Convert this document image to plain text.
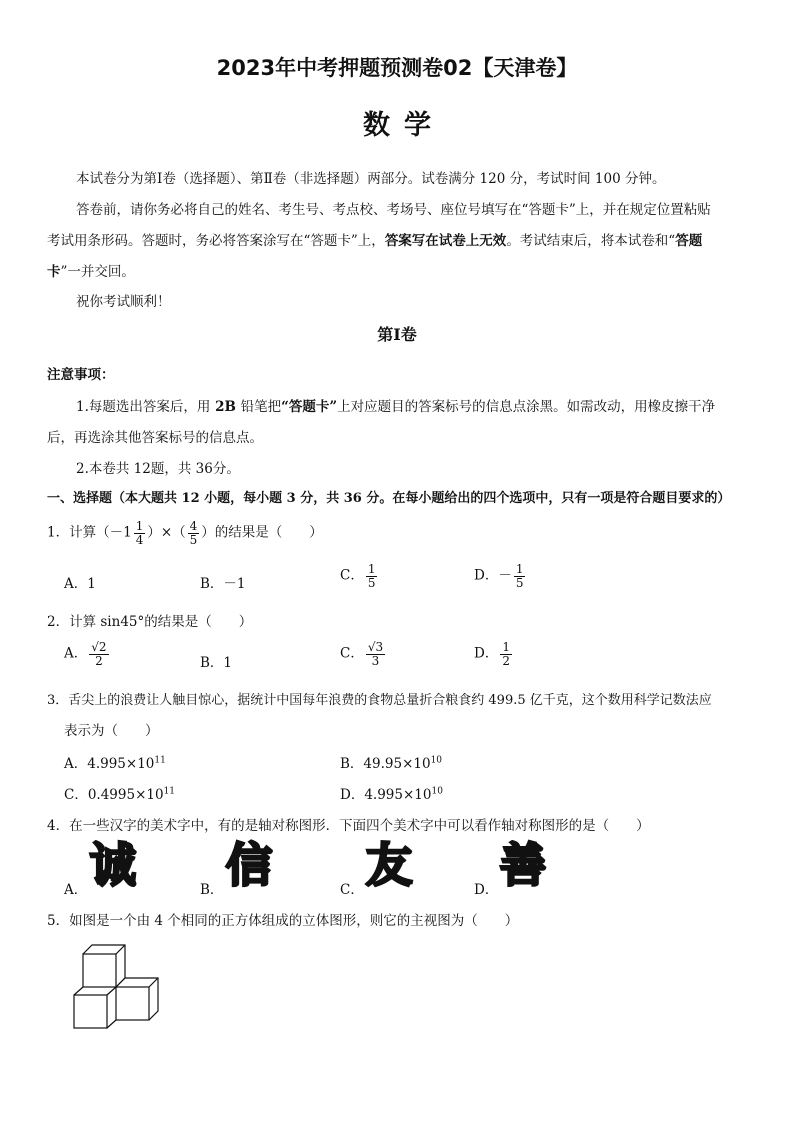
2023年中考押题预测卷02【天津卷】
数学
本试卷分为第Ⅰ卷（选择题）、第Ⅱ卷（非选择题）两部分。试卷满分 120 分，考试时间 100 分钟。
答卷前，请你务必将自己的姓名、考生号、考点校、考场号、座位号填写在“答题卡”上，并在规定位置粘贴
考试用条形码。答题时，务必将答案涂写在“答题卡”上，答案写在试卷上无效。考试结束后，将本试卷和“答题
卡”一并交回。
祝你考试顺利！
第Ⅰ卷
注意事项：
1.每题选出答案后，用 2B 铅笔把“答题卡”上对应题目的答案标号的信息点涂黑。如需改动，用橡皮擦干净
后，再选涂其他答案标号的信息点。
2.本卷共 12题，共 36分。
一、选择题（本大题共 12 小题，每小题 3 分，共 36 分。在每小题给出的四个选项中，只有一项是符合题目要求的）
1．计算（$-1 \frac{1}{4}$ ）×（ $\frac{4}{5}$ ）的结果是（　　）
A．1	B．－1
C． $\frac{1}{5}$	D．－ $\frac{1}{5}$
2．计算 sin45°的结果是（　　）
A． $\frac{√2}{2}$	B．1
C． $\frac{√3}{3}$	D． $\frac{1}{2}$
3．舌尖上的浪费让人触目惊心，据统计中国每年浪费的食物总量折合粮食约 499.5 亿千克，这个数用科学记数法应
表示为（　　）
A．$4.995\times 10^{11}$	B．$49.95\times 10^{10}$
C．$0.4995\times 10^{11}$	D．$4.995\times 10^{10}$
4．在一些汉字的美术字中，有的是轴对称图形．下面四个美术字中可以看作轴对称图形的是（　　）
A． 诚	B． 信	C． 友	D． 善
5．如图是一个由 4 个相同的正方体组成的立体图形，则它的主视图为（　　）
